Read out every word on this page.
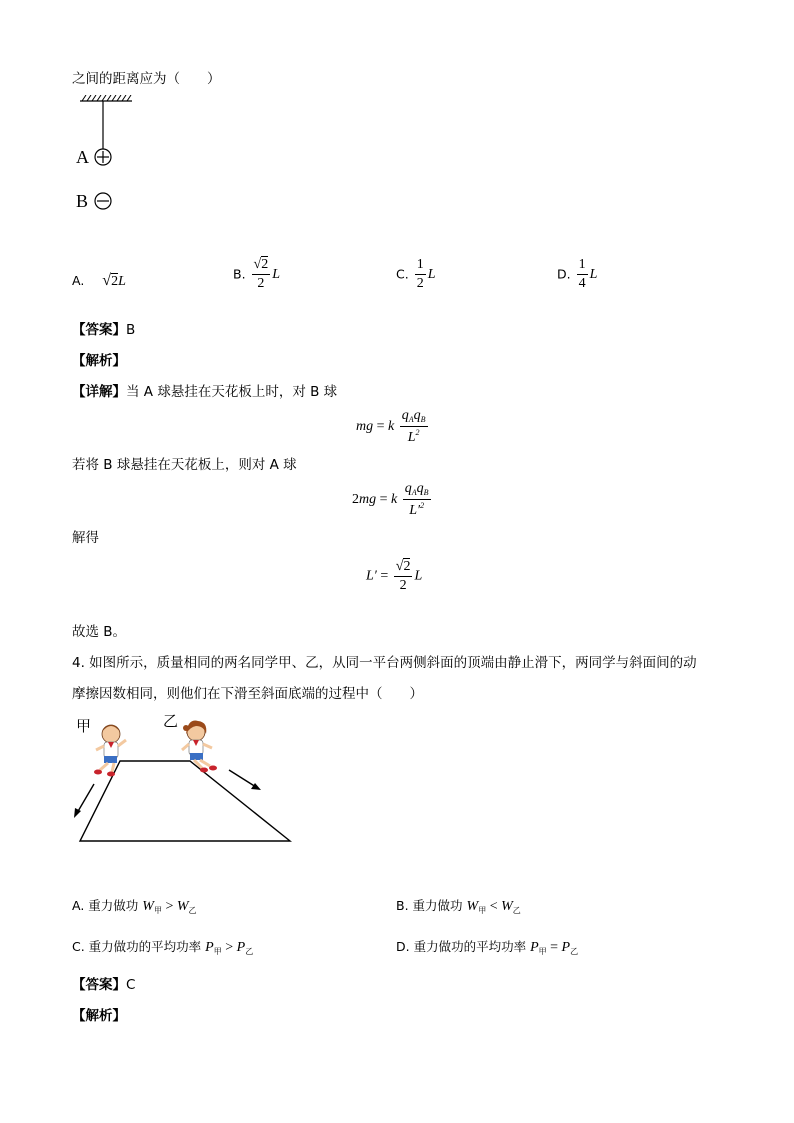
之间的距离应为（　　）
A
B
A. √2L	B. $\frac{√2}{2}$ L	C. $\frac{1}{2}$ L	D. $\frac{1}{4}$ L
【答案】B
【解析】
【详解】当 A 球悬挂在天花板上时，对 B 球
mg = k $\frac{q_Aq_B}{L^2}$
若将 B 球悬挂在天花板上，则对 A 球
2mg = k $\frac{q_Aq_B}{L'^2}$
解得
$L' = \frac{√2}{2}$ L
故选 B。
4. 如图所示，质量相同的两名同学甲、乙，从同一平台两侧斜面的顶端由静止滑下，两同学与斜面间的动
摩擦因数相同，则他们在下滑至斜面底端的过程中（　　）
甲	乙
A. 重力做功 $W_{​甲} > W_乙$	B. 重力做功 $W_甲 < W_乙$
C. 重力做功的平均功率 $P_甲 > P_乙$	D. 重力做功的平均功率 $P_甲 = P_乙$
【答案】C
【解析】
